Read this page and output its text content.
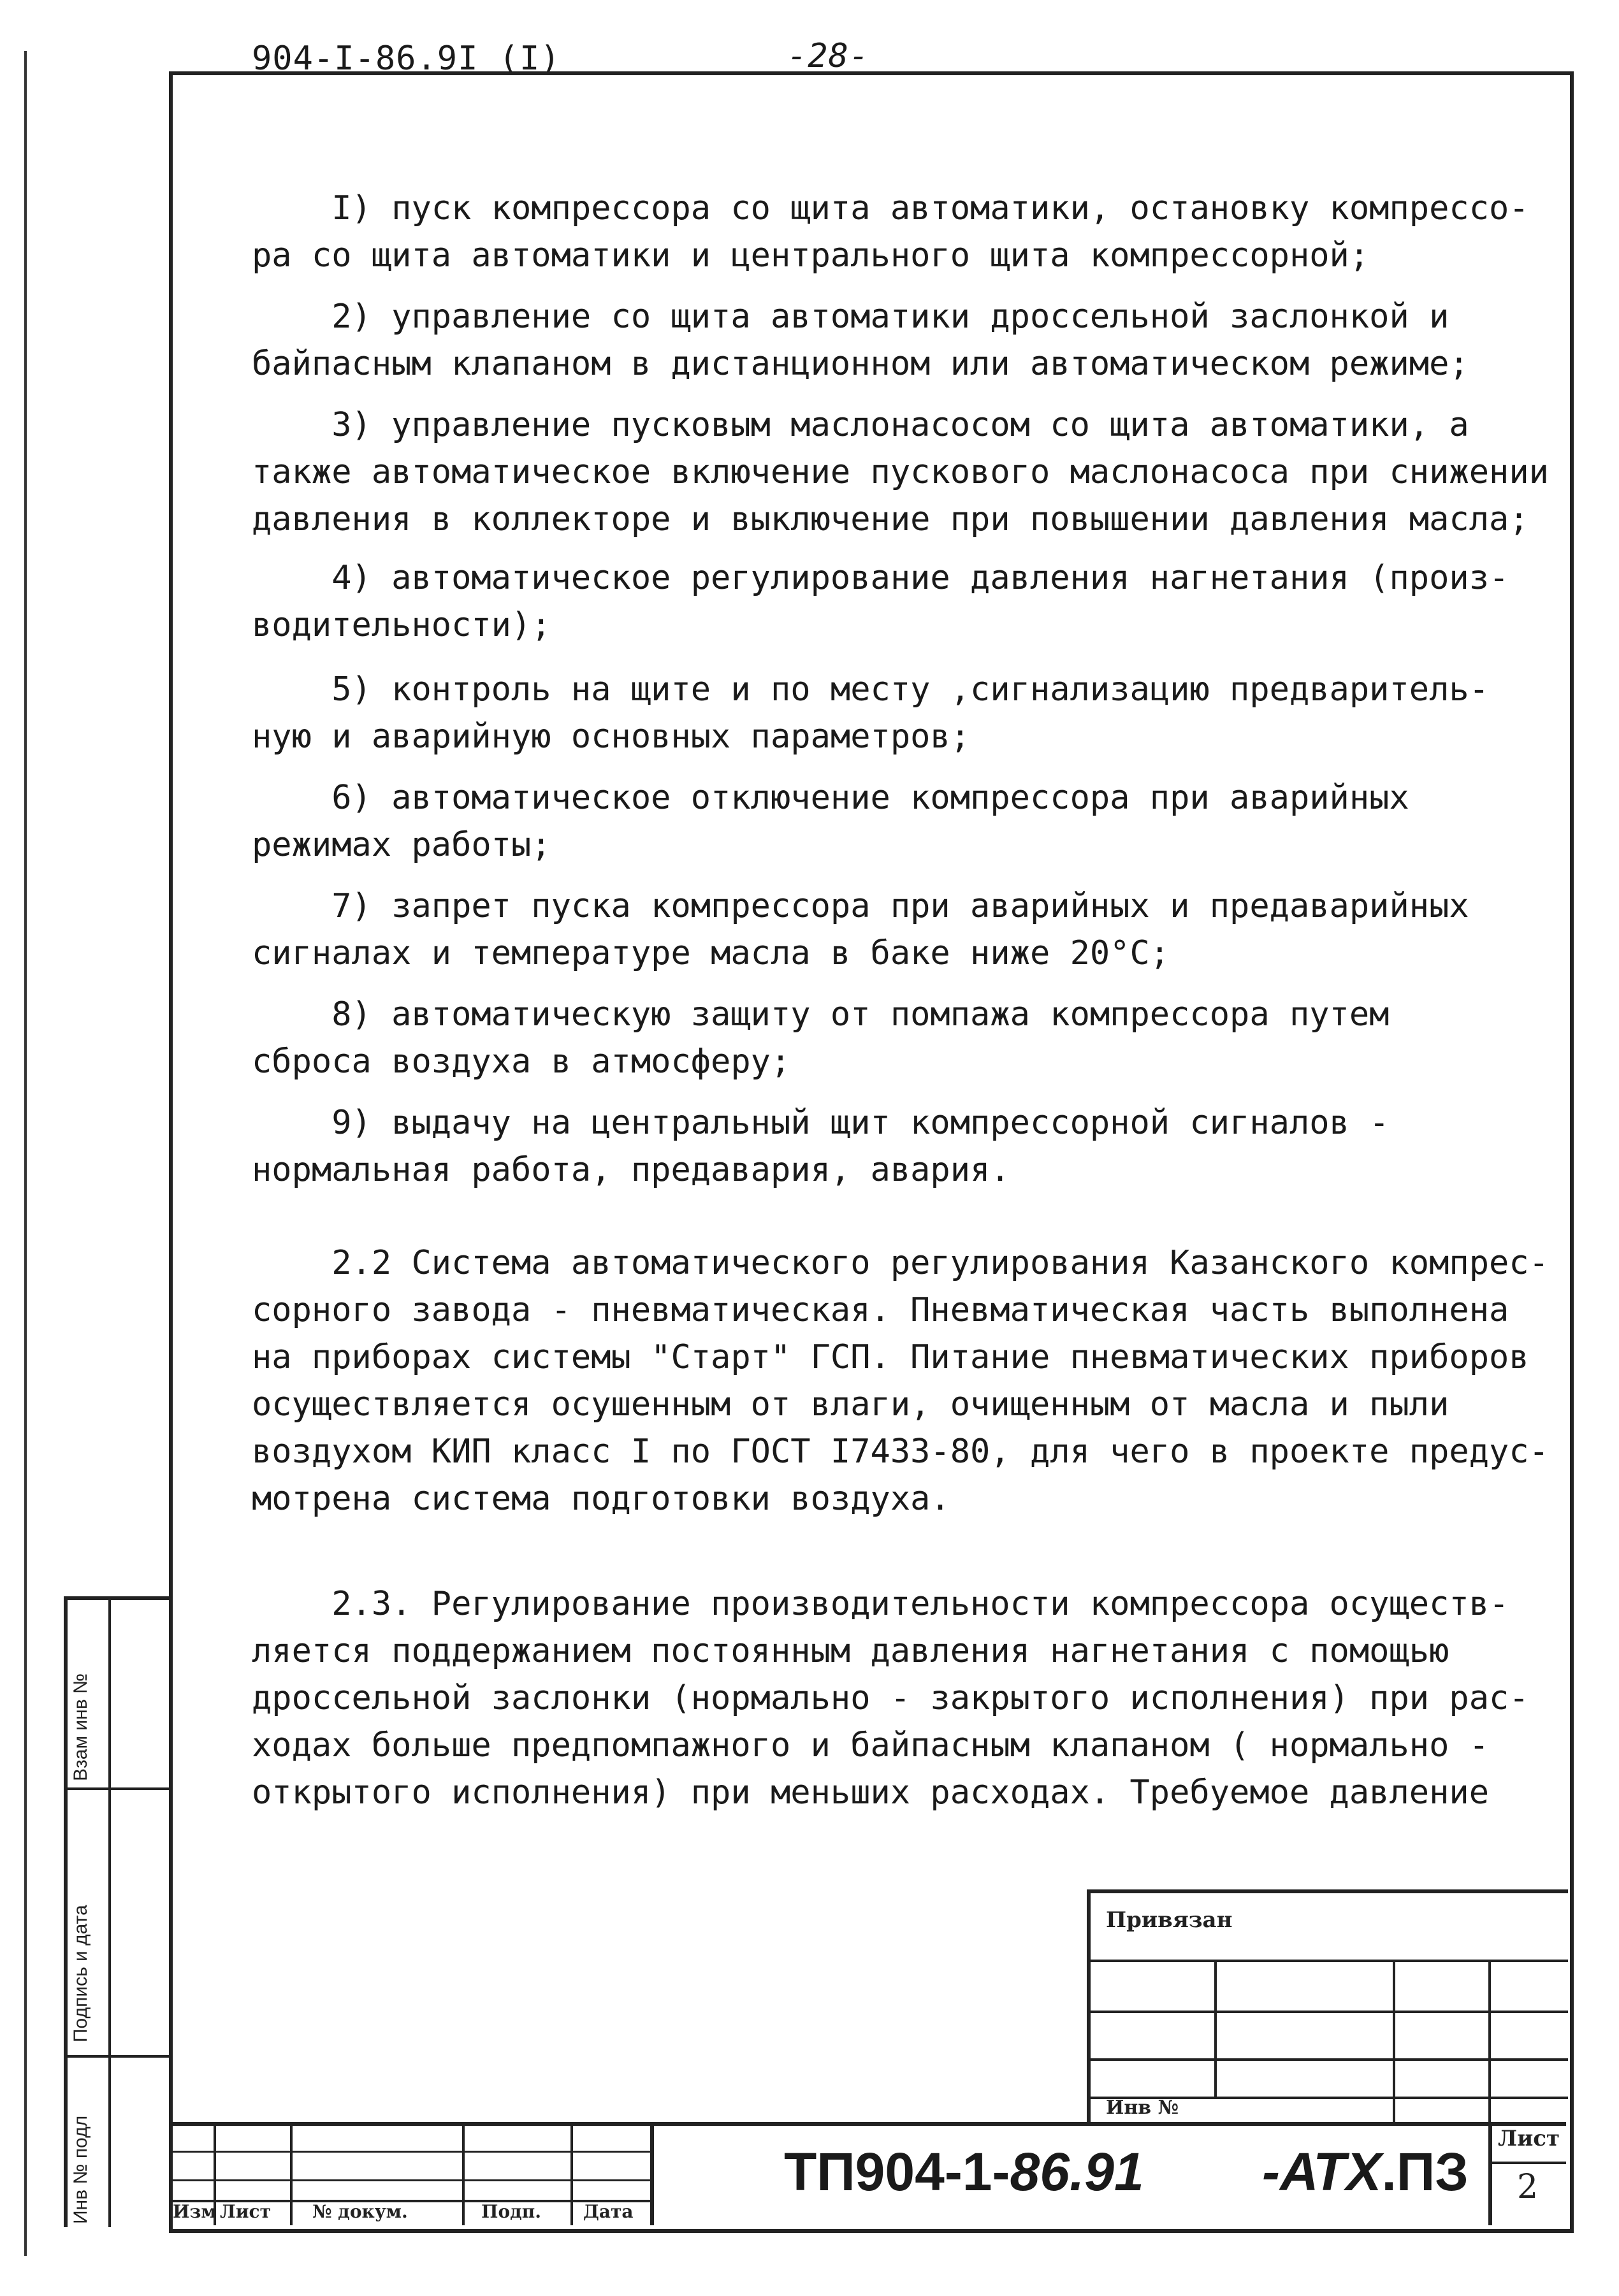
904-I-86.9I (I)	-28-
I) пуск компрессора со щита автоматики, остановку компрессо-
ра со щита автоматики и центрального щита компрессорной;
2) управление со щита автоматики дроссельной заслонкой и
байпасным клапаном в дистанционном или автоматическом режиме;
3) управление пусковым маслонасосом со щита автоматики, а
также автоматическое включение пускового маслонасоса при снижении
давления в коллекторе и выключение при повышении давления масла;
4) автоматическое регулирование давления нагнетания (произ-
водительности);
5) контроль на щите и по месту ,сигнализацию предваритель-
ную и аварийную основных параметров;
6) автоматическое отключение компрессора при аварийных
режимах работы;
7) запрет пуска компрессора при аварийных и предаварийных
сигналах и температуре масла в баке ниже 20°С;
8) автоматическую защиту от помпажа компрессора путем
сброса воздуха в атмосферу;
9) выдачу на центральный щит компрессорной сигналов -
нормальная работа, предавария, авария.
2.2 Система автоматического регулирования Казанского компрес-
сорного завода - пневматическая. Пневматическая часть выполнена
на приборах системы "Старт" ГСП. Питание пневматических приборов
осуществляется осушенным от влаги, очищенным от масла и пыли
воздухом КИП класс I по ГОСТ I7433-80, для чего в проекте предус-
мотрена система подготовки воздуха.
2.3. Регулирование производительности компрессора осуществ-
ляется поддержанием постоянным давления нагнетания с помощью
дроссельной заслонки (нормально - закрытого исполнения) при рас-
ходах больше предпомпажного и байпасным клапаном ( нормально -
открытого исполнения) при меньших расходах. Требуемое давление
Взам инв №
Подпись и дата
Инв № подл
Привязан
Инв №
Изм Лист № докум.	Подп. Дата
ТП904-1-86.91 -АТХ.ПЗ
Лист
2
